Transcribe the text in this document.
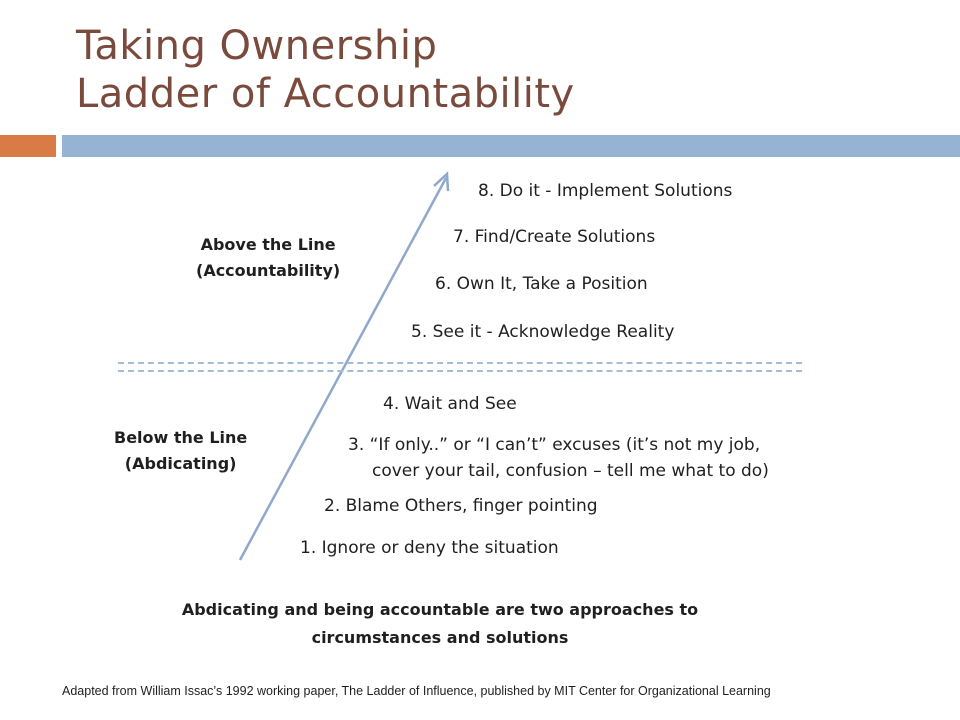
Taking Ownership
Ladder of Accountability
Above the Line
(Accountability)
Below the Line
(Abdicating)
8. Do it - Implement Solutions
7. Find/Create Solutions
6. Own It, Take a Position
5. See it - Acknowledge Reality
4. Wait and See
3. “If only..” or “I can’t” excuses (it’s not my job,
cover your tail, confusion – tell me what to do)
2. Blame Others, finger pointing
1. Ignore or deny the situation
Abdicating and being accountable are two approaches to
circumstances and solutions
Adapted from William Issac’s 1992 working paper, The Ladder of Influence, published by MIT Center for Organizational Learning
